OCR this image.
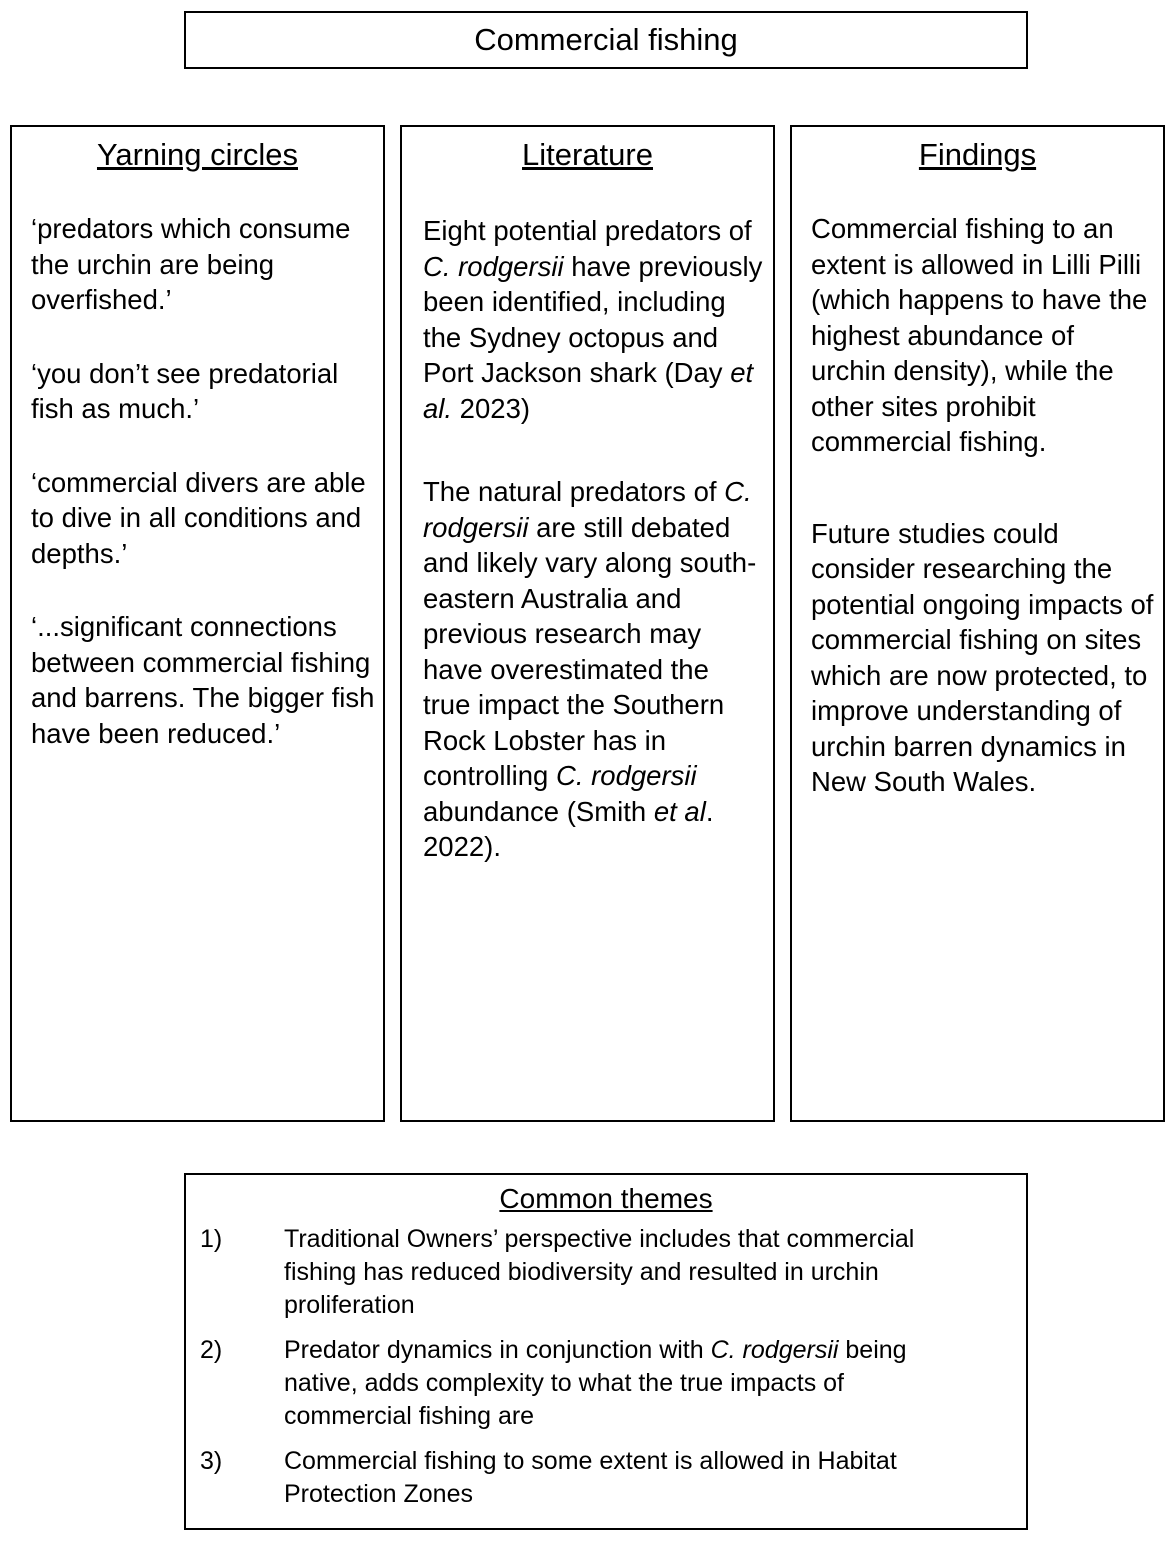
Commercial fishing
Yarning circles

‘predators which consume the urchin are being overfished.’

‘you don’t see predatorial fish as much.’

‘commercial divers are able to dive in all conditions and depths.’

‘...significant connections between commercial fishing and barrens. The bigger fish have been reduced.’

Literature

Eight potential predators of C. rodgersii have previously been identified, including the Sydney octopus and Port Jackson shark (Day et al. 2023)

The natural predators of C. rodgersii are still debated and likely vary along south-eastern Australia and previous research may have overestimated the true impact the Southern Rock Lobster has in controlling C. rodgersii abundance (Smith et al. 2022).

Findings

Commercial fishing to an extent is allowed in Lilli Pilli (which happens to have the highest abundance of urchin density), while the other sites prohibit commercial fishing.

Future studies could consider researching the potential ongoing impacts of commercial fishing on sites which are now protected, to improve understanding of urchin barren dynamics in New South Wales.

Common themes
1)	Traditional Owners’ perspective includes that commercial fishing has reduced biodiversity and resulted in urchin proliferation
2)	Predator dynamics in conjunction with C. rodgersii being native, adds complexity to what the true impacts of commercial fishing are
3)	Commercial fishing to some extent is allowed in Habitat Protection Zones
